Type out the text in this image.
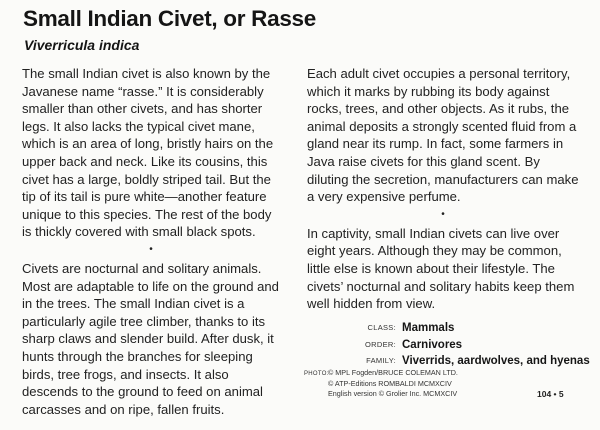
Small Indian Civet, or Rasse
Viverricula indica

The small Indian civet is also known by the Javanese name “rasse.” It is considerably smaller than other civets, and has shorter legs. It also lacks the typical civet mane, which is an area of long, bristly hairs on the upper back and neck. Like its cousins, this civet has a large, boldly striped tail. But the tip of its tail is pure white—another feature unique to this species. The rest of the body is thickly covered with small black spots.

•

Civets are nocturnal and solitary animals. Most are adaptable to life on the ground and in the trees. The small Indian civet is a particularly agile tree climber, thanks to its sharp claws and slender build. After dusk, it hunts through the branches for sleeping birds, tree frogs, and insects. It also descends to the ground to feed on animal carcasses and on ripe, fallen fruits.

Each adult civet occupies a personal territory, which it marks by rubbing its body against rocks, trees, and other objects. As it rubs, the animal deposits a strongly scented fluid from a gland near its rump. In fact, some farmers in Java raise civets for this gland scent. By diluting the secretion, manufacturers can make a very expensive perfume.

•

In captivity, small Indian civets can live over eight years. Although they may be common, little else is known about their lifestyle. The civets’ nocturnal and solitary habits keep them well hidden from view.

CLASS: Mammals
ORDER: Carnivores
FAMILY: Viverrids, aardwolves, and hyenas
PHOTO:© MPL Fogden/BRUCE COLEMAN LTD.
© ATP-Editions ROMBALDI MCMXCIV
English version © Grolier Inc. MCMXCIV	104 • 5
